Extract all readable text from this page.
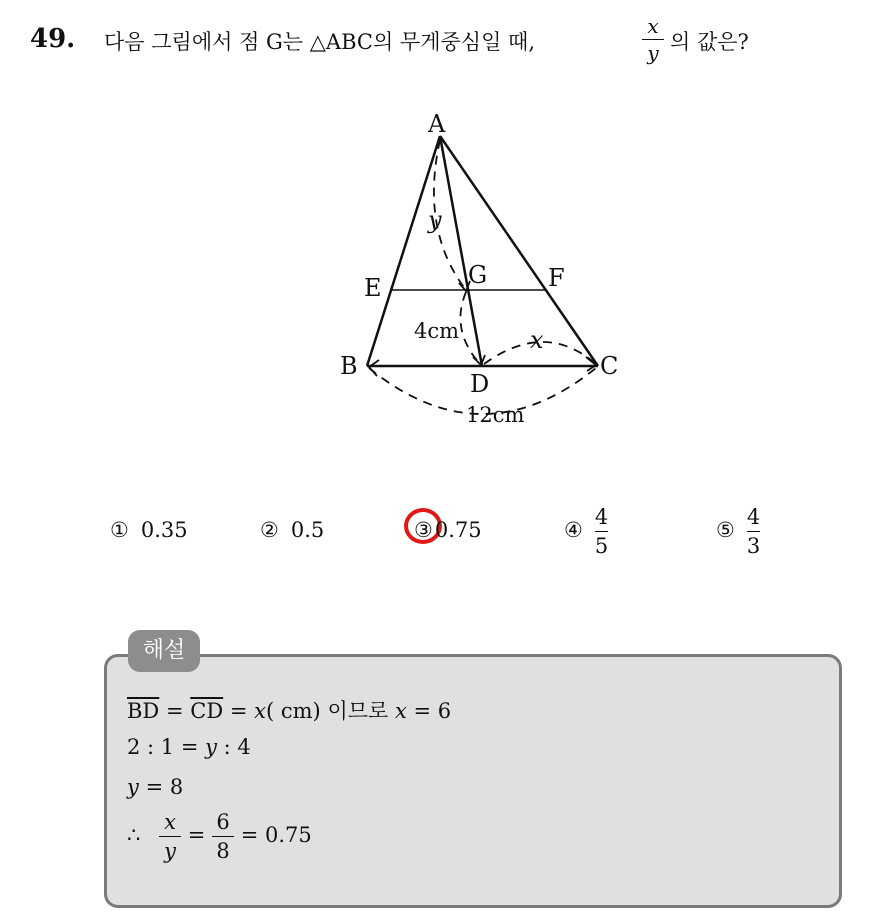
49. 다음 그림에서 점 G는 △ABC의 무게중심일 때,
x
y 의 값은?
A
E	G	F
B	C
D
y
x
4cm
12cm
① 0.35	② 0.5	③0.75	④ $\frac{4}{5}$	⑤ $\frac{4}{3}$
$\overline{BD} = \overline{CD} = x$( cm) 이므로 x = 6
2 : 1 = y : 4
y = 8
∴ $\frac{x}{y} = \frac{6}{8} = 0.75$
해설
